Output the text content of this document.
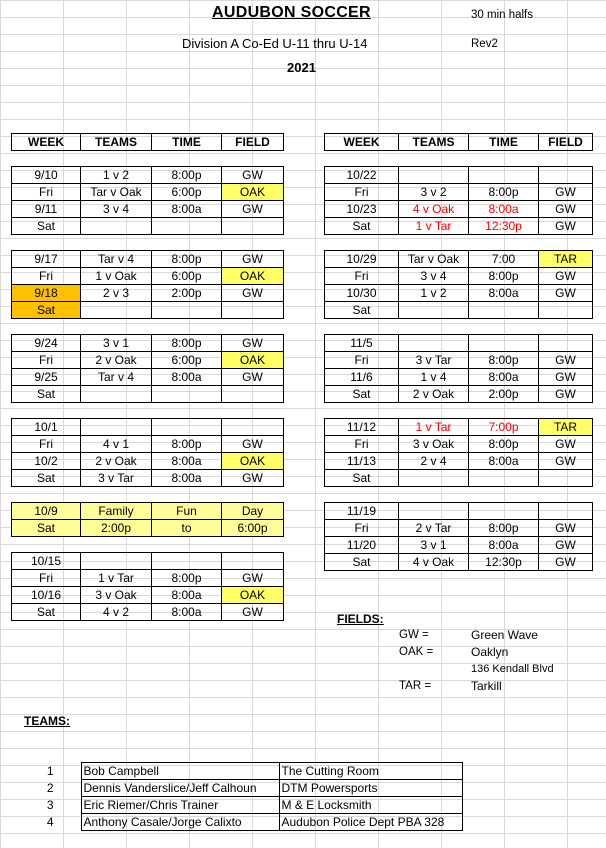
AUDUBON SOCCER	30 min halfs
Division A Co-Ed U-11 thru U-14	Rev2
2021
WEEK	TEAMS	TIME	FIELD

9/10	1 v 2	8:00p	GW
Fri	Tar v Oak	6:00p	OAK
9/11	3 v 4	8:00a	GW
Sat			

9/17	Tar v 4	8:00p	GW
Fri	1 v Oak	6:00p	OAK
9/18	2 v 3	2:00p	GW
Sat			

9/24	3 v 1	8:00p	GW
Fri	2 v Oak	6:00p	OAK
9/25	Tar v 4	8:00a	GW
Sat			

10/1			
Fri	4 v 1	8:00p	GW
10/2	2 v Oak	8:00a	OAK
Sat	3 v Tar	8:00a	GW

10/9	Family	Fun	Day
Sat	2:00p	to	6:00p

10/15			
Fri	1 v Tar	8:00p	GW
10/16	3 v Oak	8:00a	OAK
Sat	4 v 2	8:00a	GW
WEEK	TEAMS	TIME	FIELD

10/22			
Fri	3 v 2	8:00p	GW
10/23	4 v Oak	8:00a	GW
Sat	1 v Tar	12:30p	GW

10/29	Tar v Oak	7:00	TAR
Fri	3 v 4	8:00p	GW
10/30	1 v 2	8:00a	GW
Sat			

11/5			
Fri	3 v Tar	8:00p	GW
11/6	1 v 4	8:00a	GW
Sat	2 v Oak	2:00p	GW

11/12	1 v Tar	7:00p	TAR
Fri	3 v Oak	8:00p	GW
11/13	2 v 4	8:00a	GW
Sat			

11/19			
Fri	2 v Tar	8:00p	GW
11/20	3 v 1	8:00a	GW
Sat	4 v Oak	12:30p	GW
FIELDS:
GW =	Green Wave
OAK =	Oaklyn
136 Kendall Blvd
TAR =	Tarkill
TEAMS:
1	Bob Campbell	The Cutting Room
2	Dennis Vanderslice/Jeff Calhoun	DTM Powersports
3	Eric Riemer/Chris Trainer	M & E Locksmith
4	Anthony Casale/Jorge Calixto	Audubon Police Dept PBA 328
